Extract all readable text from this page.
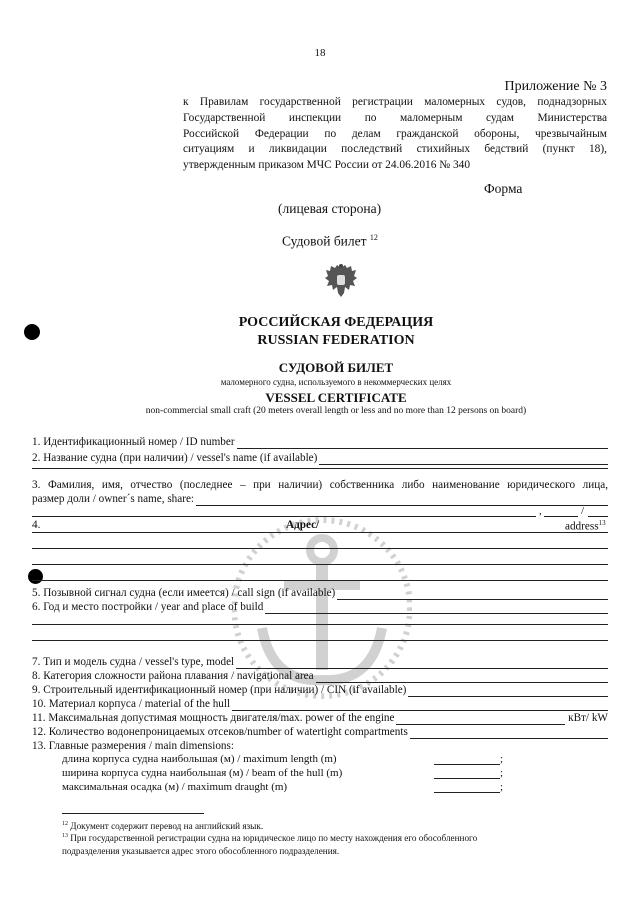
18
Приложение № 3
к Правилам государственной регистрации маломерных судов, поднадзорных
Государственной инспекции по маломерным судам Министерства
Российской Федерации по делам гражданской обороны, чрезвычайным
ситуациям и ликвидации последствий стихийных бедствий (пункт 18),
утвержденным приказом МЧС России от 24.06.2016 № 340
Форма
(лицевая сторона)
Судовой билет $^{12}$
РОССИЙСКАЯ ФЕДЕРАЦИЯ
RUSSIAN FEDERATION
СУДОВОЙ БИЛЕТ
маломерного судна, используемого в некоммерческих целях
VESSEL CERTIFICATE
non-commercial small craft (20 meters overall length or less and no more than 12 persons on board)
1. Идентификационный номер / ID number
2. Название судна (при наличии) / vessel's name (if available)
3. Фамилия, имя, отчество (последнее – при наличии) собственника либо наименование юридического лица,
размер доли / owner´s name, share:
,	/
4.	Адрес/	address$^{13}$
5. Позывной сигнал судна (если имеется) / call sign (if available)
6. Год и место постройки / year and place of build
7. Тип и модель судна / vessel's type, model
8. Категория сложности района плавания / navigational area
9. Строительный идентификационный номер (при наличии) / CIN (if available)
10. Материал корпуса / material of the hull
11. Максимальная допустимая мощность двигателя/max. power of the engine	кВт/ kW
12. Количество водонепроницаемых отсеков/number of watertight compartments
13. Главные размерения / main dimensions:
длина корпуса судна наибольшая (м) / maximum length (m)	;
ширина корпуса судна наибольшая (м) / beam of the hull (m)	;
максимальная осадка (м) / maximum draught (m)	;
$^{12}$ Документ содержит перевод на английский язык.
$^{13}$ При государственной регистрации судна на юридическое лицо по месту нахождения его обособленного
подразделения указывается адрес этого обособленного подразделения.
